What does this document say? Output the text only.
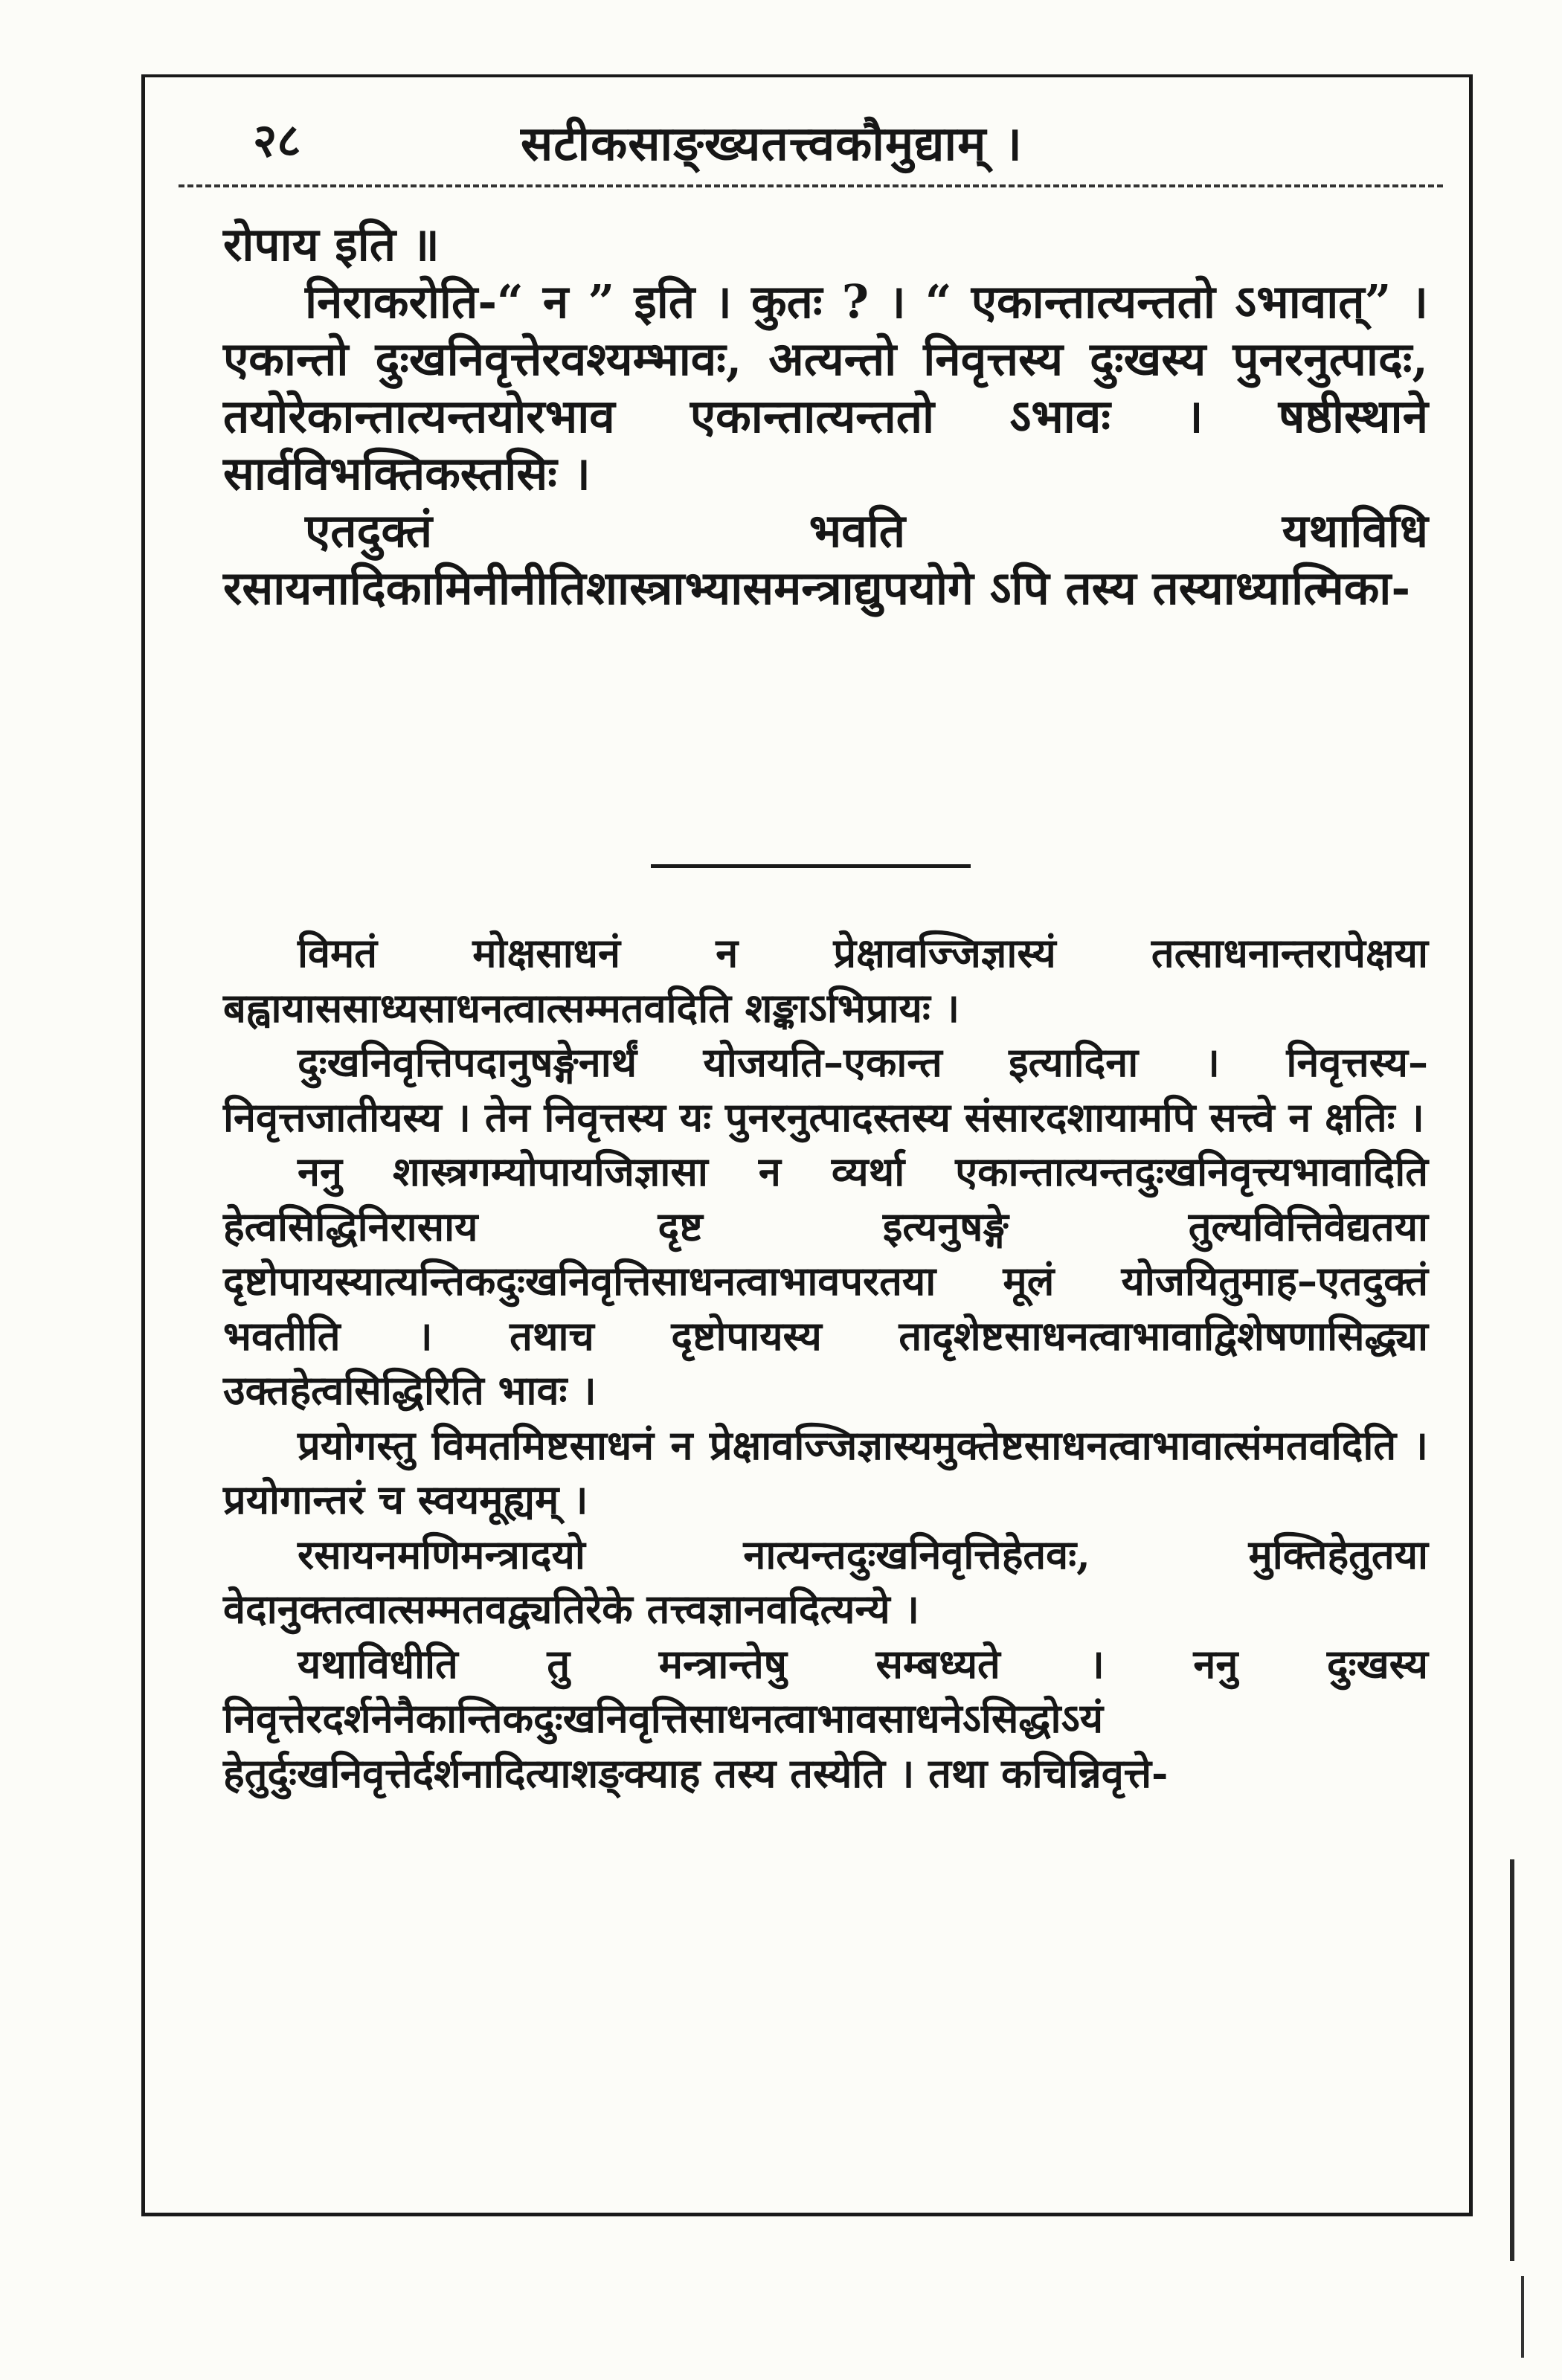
२८	सटीकसाङ्ख्यतत्त्वकौमुद्याम् ।

रोपाय इति ॥

निराकरोति-“ न ” इति । कुतः ? । “ एकान्तात्यन्ततो ऽभावात्” । एकान्तो दुःखनिवृत्तेरवश्यम्भावः, अत्यन्तो निवृत्तस्य दुःखस्य पुनरनुत्पादः, तयोरेकान्तात्यन्तयोरभाव एकान्तात्यन्ततो ऽभावः । षष्ठीस्थाने सार्वविभक्तिकस्तसिः ।

एतदुक्तं भवति यथाविधि रसायनादिकामिनीनीतिशास्त्राभ्यासमन्त्राद्युपयोगे ऽपि तस्य तस्याध्यात्मिका-

विमतं मोक्षसाधनं न प्रेक्षावज्जिज्ञास्यं तत्साधनान्तरापेक्षया बह्वायाससाध्यसाधनत्वात्सम्मतवदिति शङ्काऽभिप्रायः ।

दुःखनिवृत्तिपदानुषङ्गेनार्थं योजयति–एकान्त इत्यादिना । निवृत्तस्य–निवृत्तजातीयस्य । तेन निवृत्तस्य यः पुनरनुत्पादस्तस्य संसारदशायामपि सत्त्वे न क्षतिः ।

ननु शास्त्रगम्योपायजिज्ञासा न व्यर्था एकान्तात्यन्तदुःखनिवृत्त्यभावादिति हेत्वसिद्धिनिरासाय दृष्ट इत्यनुषङ्गे तुल्यवित्तिवेद्यतया दृष्टोपायस्यात्यन्तिकदुःखनिवृत्तिसाधनत्वाभावपरतया मूलं योजयितुमाह–एतदुक्तं भवतीति । तथाच दृष्टोपायस्य तादृशेष्टसाधनत्वाभावाद्विशेषणासिद्ध्या उक्तहेत्वसिद्धिरिति भावः ।

प्रयोगस्तु विमतमिष्टसाधनं न प्रेक्षावज्जिज्ञास्यमुक्तेष्टसाधनत्वाभावात्संमतवदिति । प्रयोगान्तरं च स्वयमूह्यम् ।

रसायनमणिमन्त्रादयो नात्यन्तदुःखनिवृत्तिहेतवः, मुक्तिहेतुतया वेदानुक्तत्वात्सम्मतवद्व्यतिरेके तत्त्वज्ञानवदित्यन्ये ।

यथाविधीति तु मन्त्रान्तेषु सम्बध्यते । ननु दुःखस्य निवृत्तेरदर्शनेनैकान्तिकदुःखनिवृत्तिसाधनत्वाभावसाधनेऽसिद्धोऽयं हेतुर्दुःखनिवृत्तेर्दर्शनादित्याशङ्क्याह तस्य तस्येति । तथा कचिन्निवृत्ते-
